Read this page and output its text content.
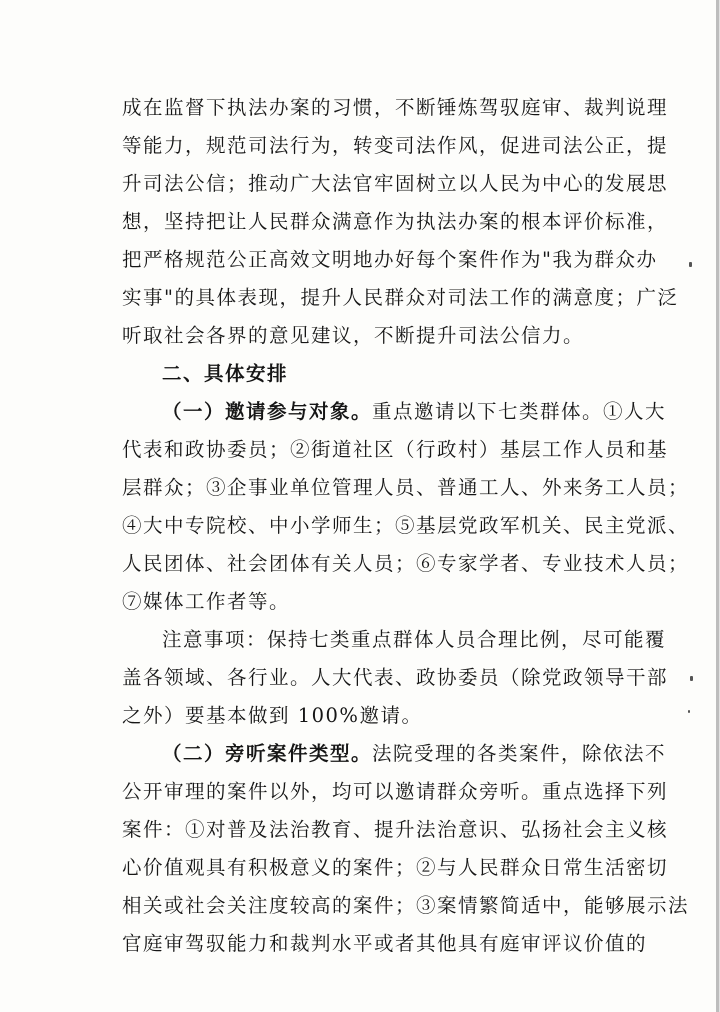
成在监督下执法办案的习惯，不断锤炼驾驭庭审、裁判说理
等能力，规范司法行为，转变司法作风，促进司法公正，提
升司法公信；推动广大法官牢固树立以人民为中心的发展思
想，坚持把让人民群众满意作为执法办案的根本评价标准，
把严格规范公正高效文明地办好每个案件作为"我为群众办
实事"的具体表现，提升人民群众对司法工作的满意度；广泛
听取社会各界的意见建议，不断提升司法公信力。
二、具体安排
（一）邀请参与对象。重点邀请以下七类群体。①人大
代表和政协委员；②街道社区（行政村）基层工作人员和基
层群众；③企事业单位管理人员、普通工人、外来务工人员；
④大中专院校、中小学师生；⑤基层党政军机关、民主党派、
人民团体、社会团体有关人员；⑥专家学者、专业技术人员；
⑦媒体工作者等。
注意事项：保持七类重点群体人员合理比例，尽可能覆
盖各领域、各行业。人大代表、政协委员（除党政领导干部
之外）要基本做到 100%邀请。
（二）旁听案件类型。法院受理的各类案件，除依法不
公开审理的案件以外，均可以邀请群众旁听。重点选择下列
案件：①对普及法治教育、提升法治意识、弘扬社会主义核
心价值观具有积极意义的案件；②与人民群众日常生活密切
相关或社会关注度较高的案件；③案情繁简适中，能够展示法
官庭审驾驭能力和裁判水平或者其他具有庭审评议价值的
